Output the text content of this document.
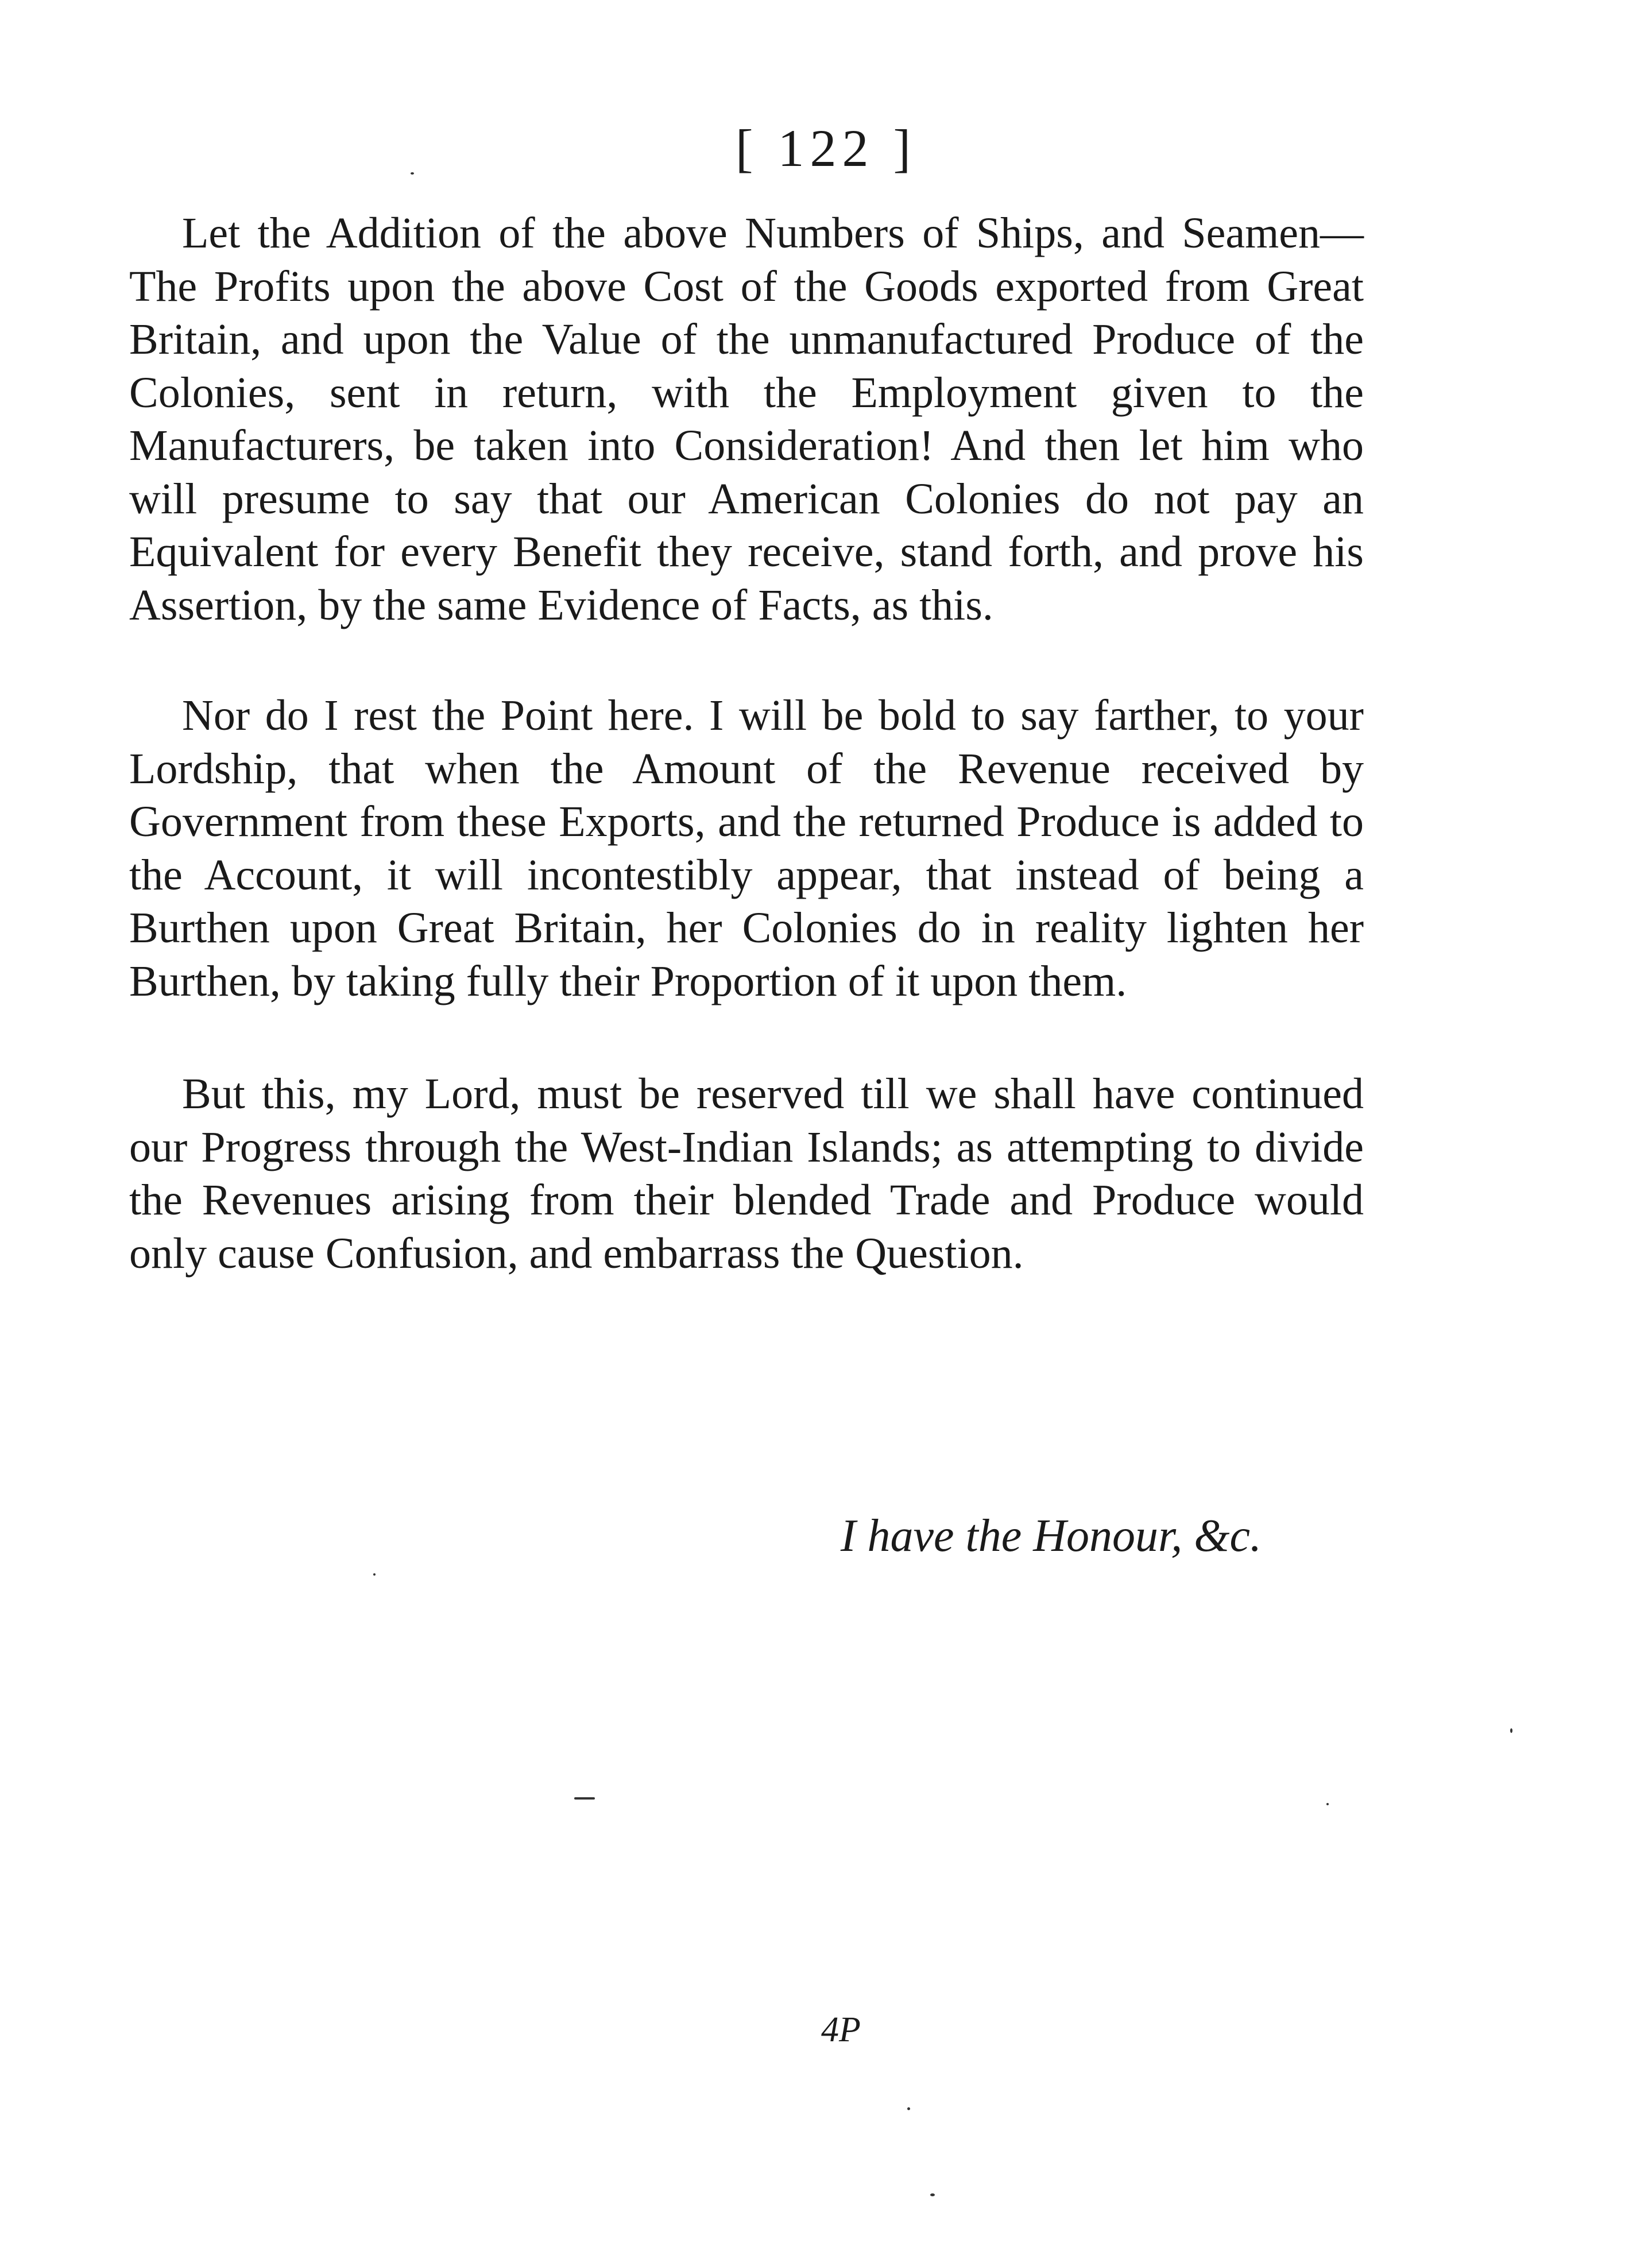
[ 122 ]

Let the Addition of the above Numbers of Ships, and Seamen—The Profits upon the above Cost of the Goods exported from Great Britain, and upon the Value of the unmanufactured Produce of the Colonies, sent in return, with the Employment given to the Manufacturers, be taken into Consideration! And then let him who will presume to say that our American Colonies do not pay an Equivalent for every Benefit they receive, stand forth, and prove his Assertion, by the same Evidence of Facts, as this.

Nor do I rest the Point here. I will be bold to say farther, to your Lordship, that when the Amount of the Revenue received by Government from these Exports, and the returned Produce is added to the Account, it will incontestibly appear, that instead of being a Burthen upon Great Britain, her Colonies do in reality lighten her Burthen, by taking fully their Proportion of it upon them.

But this, my Lord, must be reserved till we shall have continued our Progress through the West-Indian Islands; as attempting to divide the Revenues arising from their blended Trade and Produce would only cause Confusion, and embarrass the Question.

I have the Honour, &c.
4P
